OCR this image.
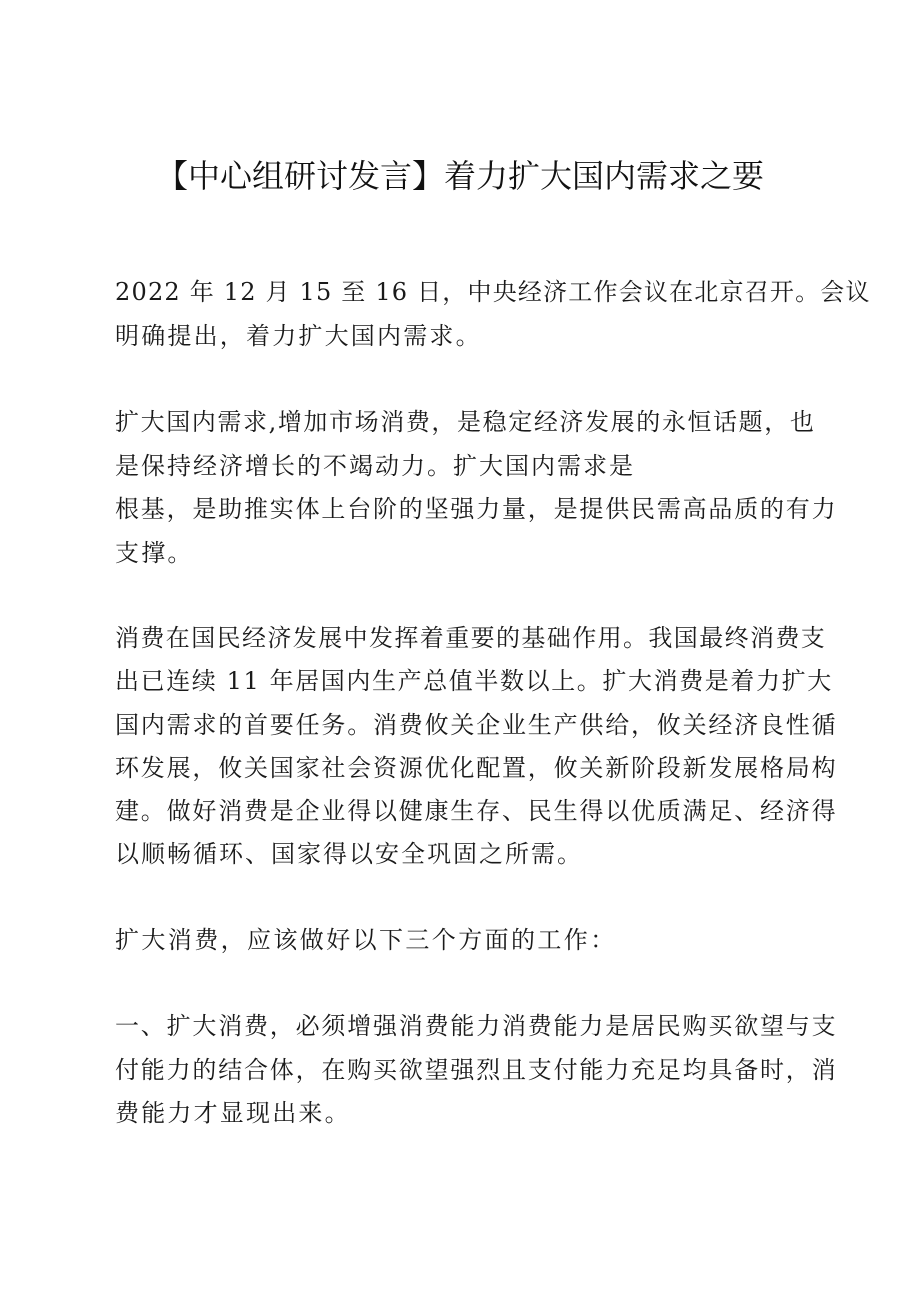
【中心组研讨发言】着力扩大国内需求之要
2022 年 12 月 15 至 16 日，中央经济工作会议在北京召开。会议
明确提出，着力扩大国内需求。
扩大国内需求,增加市场消费，是稳定经济发展的永恒话题，也
是保持经济增长的不竭动力。扩大国内需求是
根基，是助推实体上台阶的坚强力量，是提供民需高品质的有力
支撑。
消费在国民经济发展中发挥着重要的基础作用。我国最终消费支
出已连续 11 年居国内生产总值半数以上。扩大消费是着力扩大
国内需求的首要任务。消费攸关企业生产供给，攸关经济良性循
环发展，攸关国家社会资源优化配置，攸关新阶段新发展格局构
建。做好消费是企业得以健康生存、民生得以优质满足、经济得
以顺畅循环、国家得以安全巩固之所需。
扩大消费，应该做好以下三个方面的工作：
一、扩大消费，必须增强消费能力消费能力是居民购买欲望与支
付能力的结合体，在购买欲望强烈且支付能力充足均具备时，消
费能力才显现出来。
